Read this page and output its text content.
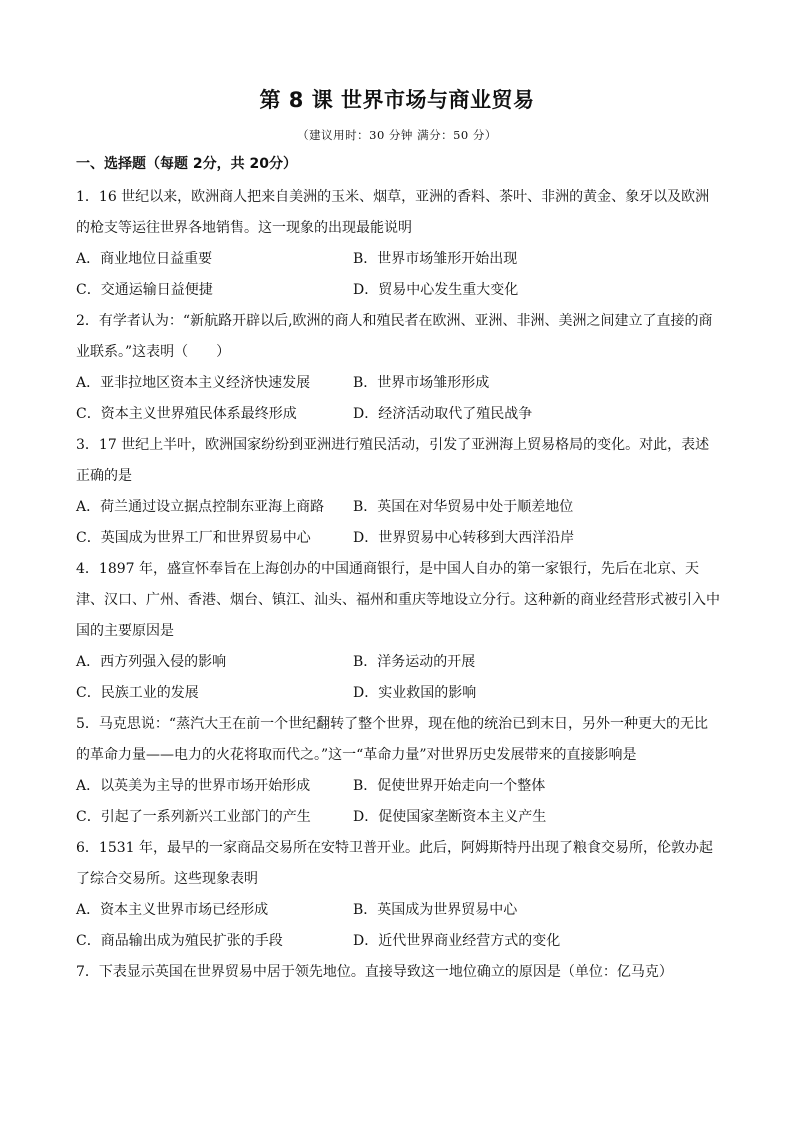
第 8 课 世界市场与商业贸易
（建议用时：30 分钟 满分：50 分）
一、选择题（每题 2分，共 20分）
1．16 世纪以来，欧洲商人把来自美洲的玉米、烟草，亚洲的香料、茶叶、非洲的黄金、象牙以及欧洲的枪支等运往世界各地销售。这一现象的出现最能说明
A．商业地位日益重要	B．世界市场雏形开始出现
C．交通运输日益便捷	D．贸易中心发生重大变化
2．有学者认为：“新航路开辟以后,欧洲的商人和殖民者在欧洲、亚洲、非洲、美洲之间建立了直接的商业联系。”这表明（　　）
A．亚非拉地区资本主义经济快速发展	B．世界市场雏形形成
C．资本主义世界殖民体系最终形成	D．经济活动取代了殖民战争
3．17 世纪上半叶，欧洲国家纷纷到亚洲进行殖民活动，引发了亚洲海上贸易格局的变化。对此，表述正确的是
A．荷兰通过设立据点控制东亚海上商路	B．英国在对华贸易中处于顺差地位
C．英国成为世界工厂和世界贸易中心	D．世界贸易中心转移到大西洋沿岸
4．1897 年，盛宣怀奉旨在上海创办的中国通商银行，是中国人自办的第一家银行，先后在北京、天津、汉口、广州、香港、烟台、镇江、汕头、福州和重庆等地设立分行。这种新的商业经营形式被引入中国的主要原因是
A．西方列强入侵的影响	B．洋务运动的开展
C．民族工业的发展	D．实业救国的影响
5．马克思说：“蒸汽大王在前一个世纪翻转了整个世界，现在他的统治已到末日，另外一种更大的无比的革命力量——电力的火花将取而代之。”这一“革命力量”对世界历史发展带来的直接影响是
A．以英美为主导的世界市场开始形成	B．促使世界开始走向一个整体
C．引起了一系列新兴工业部门的产生	D．促使国家垄断资本主义产生
6．1531 年，最早的一家商品交易所在安特卫普开业。此后，阿姆斯特丹出现了粮食交易所，伦敦办起了综合交易所。这些现象表明
A．资本主义世界市场已经形成	B．英国成为世界贸易中心
C．商品输出成为殖民扩张的手段	D．近代世界商业经营方式的变化
7．下表显示英国在世界贸易中居于领先地位。直接导致这一地位确立的原因是（单位：亿马克）
